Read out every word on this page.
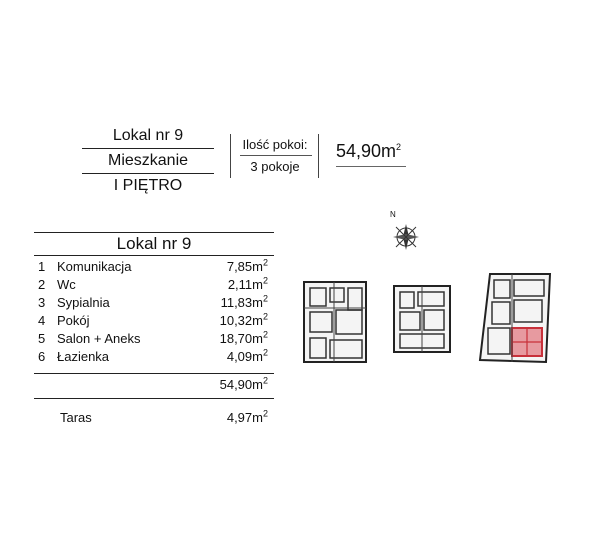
Lokal nr 9
Mieszkanie
I PIĘTRO
Ilość pokoi:
3 pokoje
$54,90m^2$
N
Lokal nr 9
1 Komunikacja	$7,85m^2$
2 Wc	$2,11m^2$
3 Sypialnia	$11,83m^2$
4 Pokój	$10,32m^2$
5 Salon + Aneks	$18,70m^2$
6 Łazienka	$4,09m^2$
$54,90m^2$
Taras	$4,97m^2$
